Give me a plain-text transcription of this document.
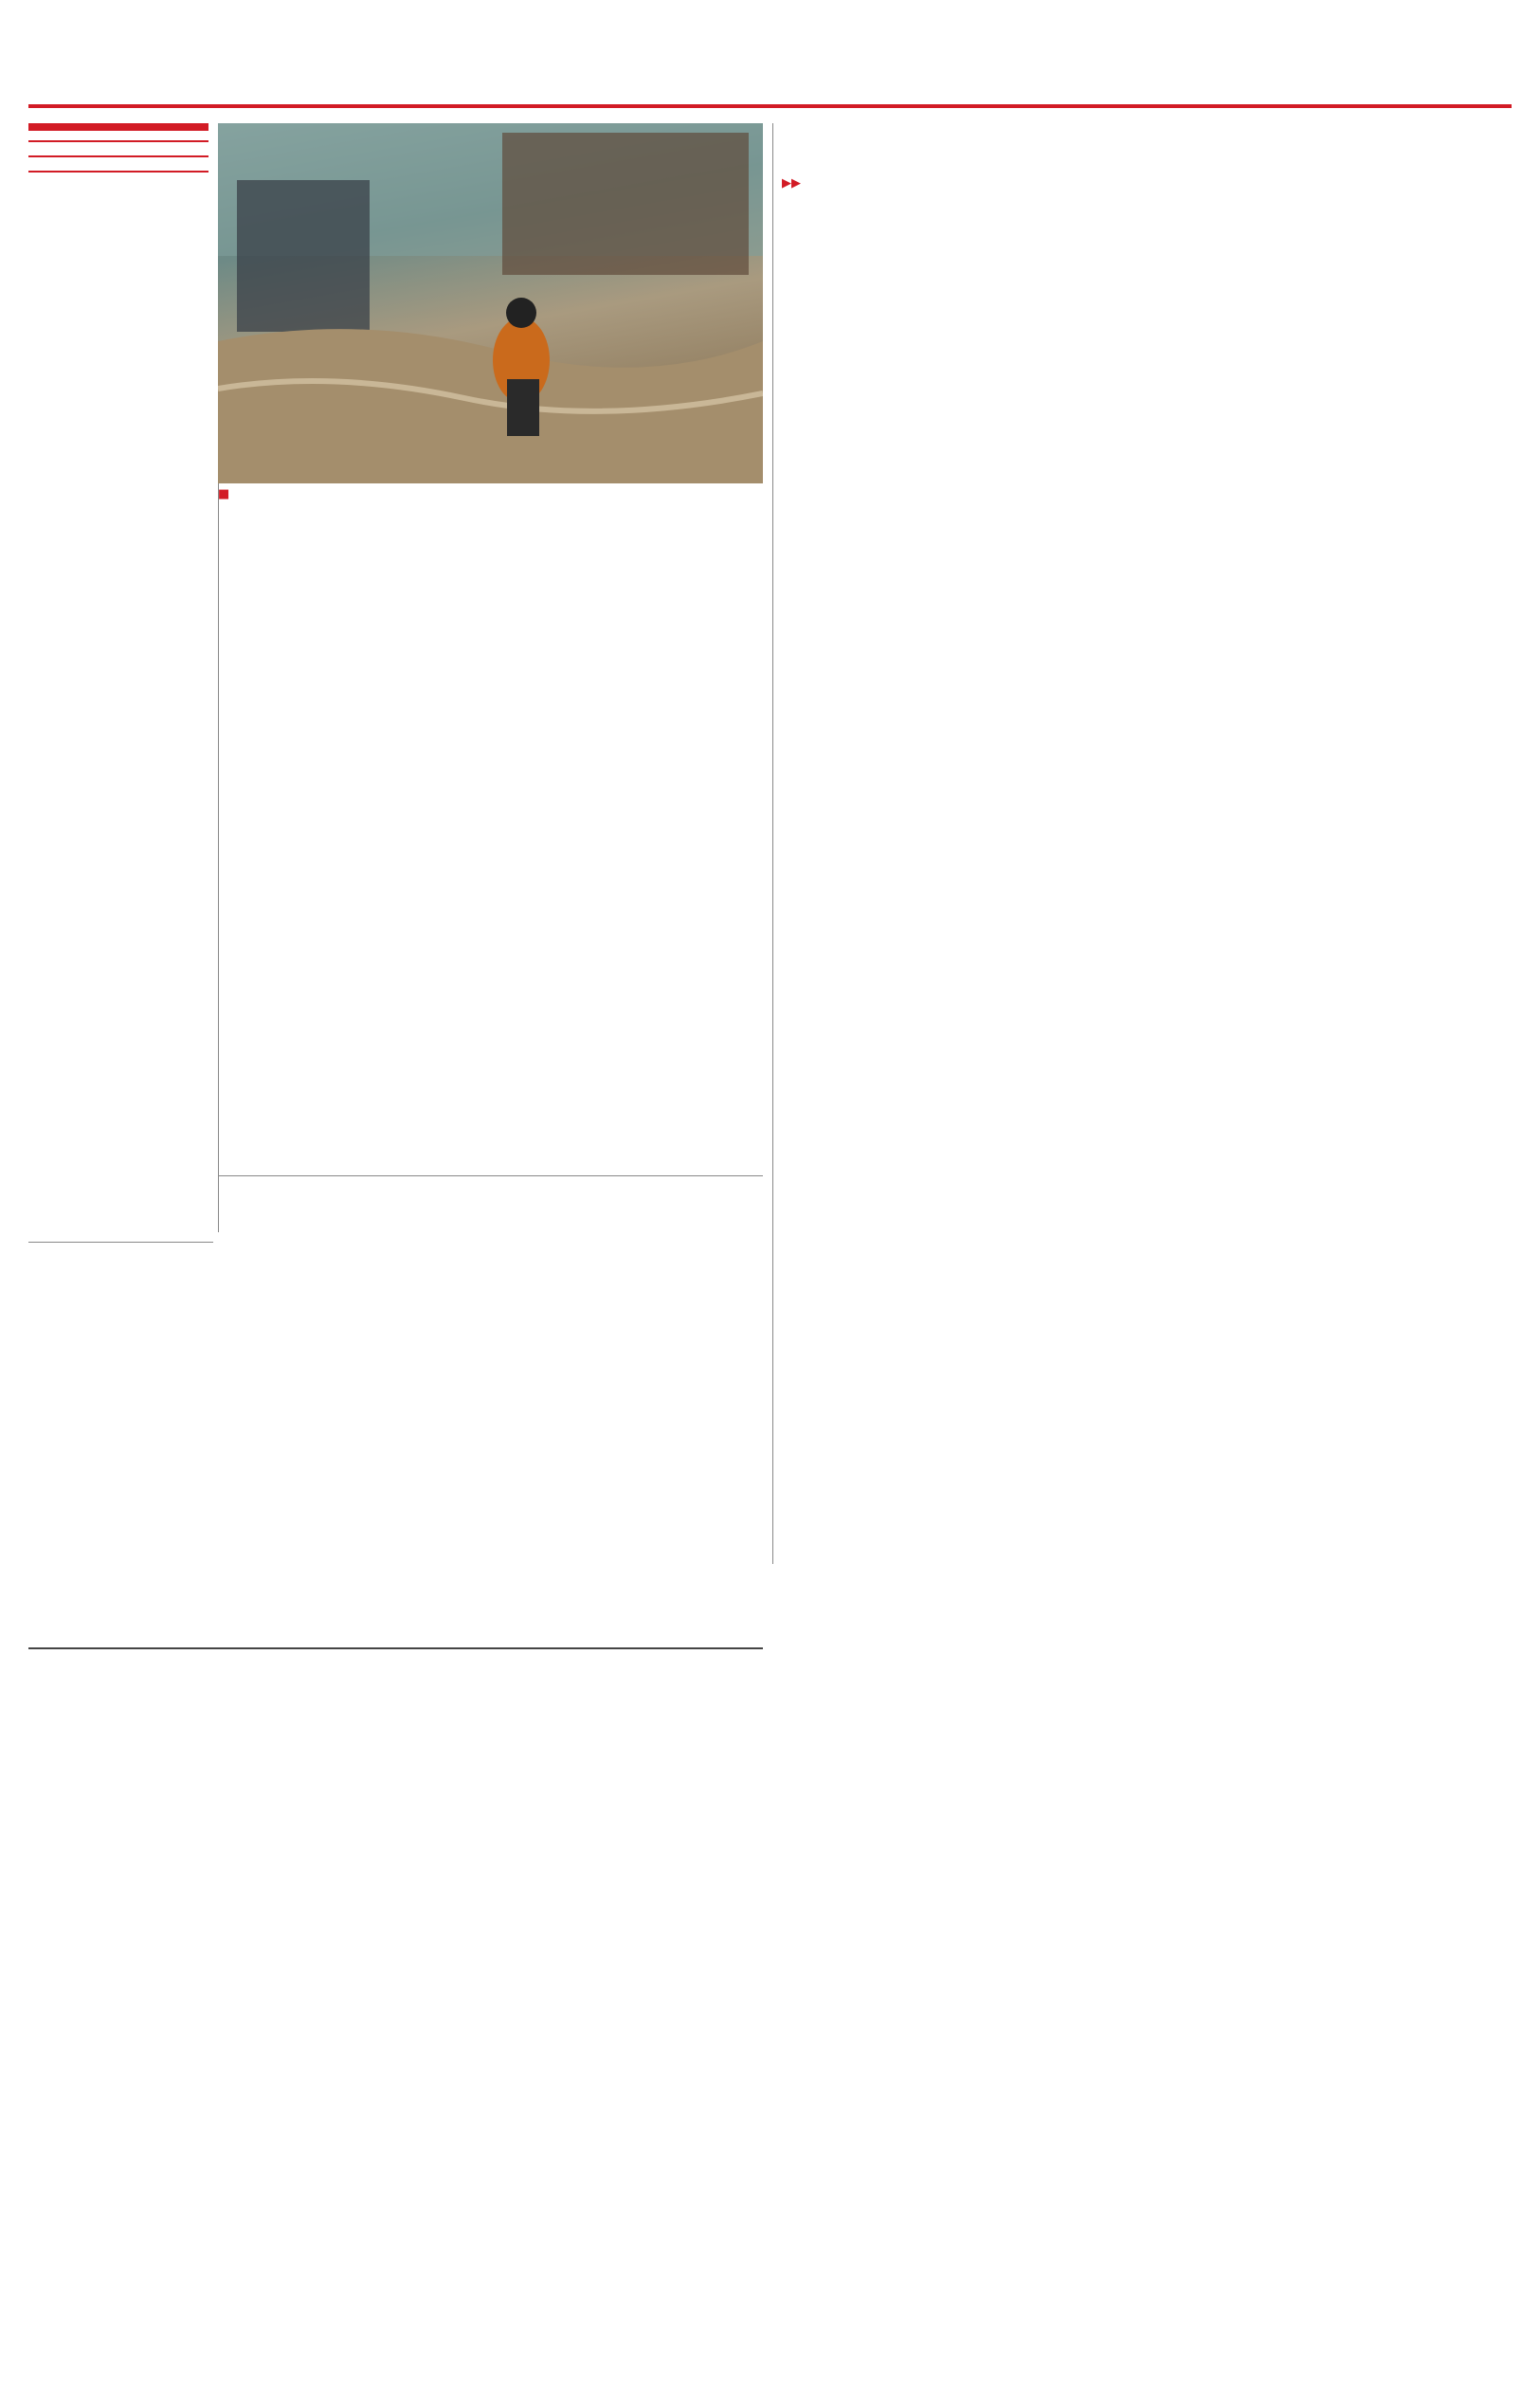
■
▶▶
